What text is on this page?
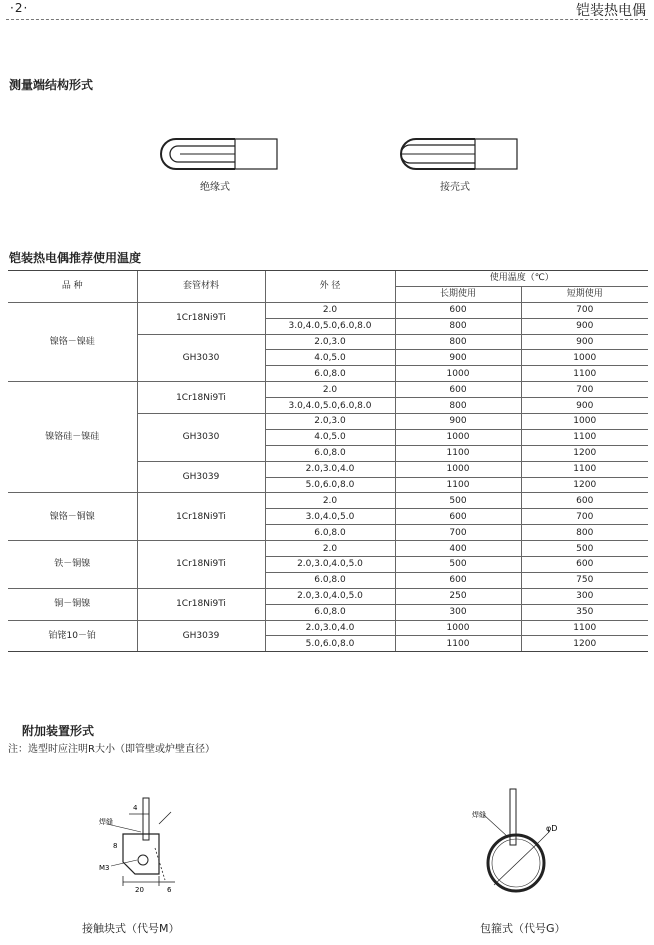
·2·	铠装热电偶
测量端结构形式
绝缘式	接壳式
铠装热电偶推荐使用温度
品 种	套管材料	外 径	使用温度（℃）	
			长期使用	短期使用
镍铬－镍硅	1Cr18Ni9Ti	2.0	600	700
		3.0,4.0,5.0,6.0,8.0	800	900
	GH3030	2.0,3.0	800	900
		4.0,5.0	900	1000
		6.0,8.0	1000	1100
镍铬硅－镍硅	1Cr18Ni9Ti	2.0	600	700
		3.0,4.0,5.0,6.0,8.0	800	900
	GH3030	2.0,3.0	900	1000
		4.0,5.0	1000	1100
		6.0,8.0	1100	1200
	GH3039	2.0,3.0,4.0	1000	1100
		5.0,6.0,8.0	1100	1200
镍铬－铜镍	1Cr18Ni9Ti	2.0	500	600
		3.0,4.0,5.0	600	700
		6.0,8.0	700	800
铁－铜镍	1Cr18Ni9Ti	2.0	400	500
		2.0,3.0,4.0,5.0	500	600
		6.0,8.0	600	750
铜－铜镍	1Cr18Ni9Ti	2.0,3.0,4.0,5.0	250	300
		6.0,8.0	300	350
铂铑10－铂	GH3039	2.0,3.0,4.0	1000	1100
		5.0,6.0,8.0	1100	1200
附加装置形式
注：选型时应注明R大小（即管壁或炉壁直径）
4
焊缝
8
M3
20	6
接触块式（代号M）
焊缝
φD
包箍式（代号G）
